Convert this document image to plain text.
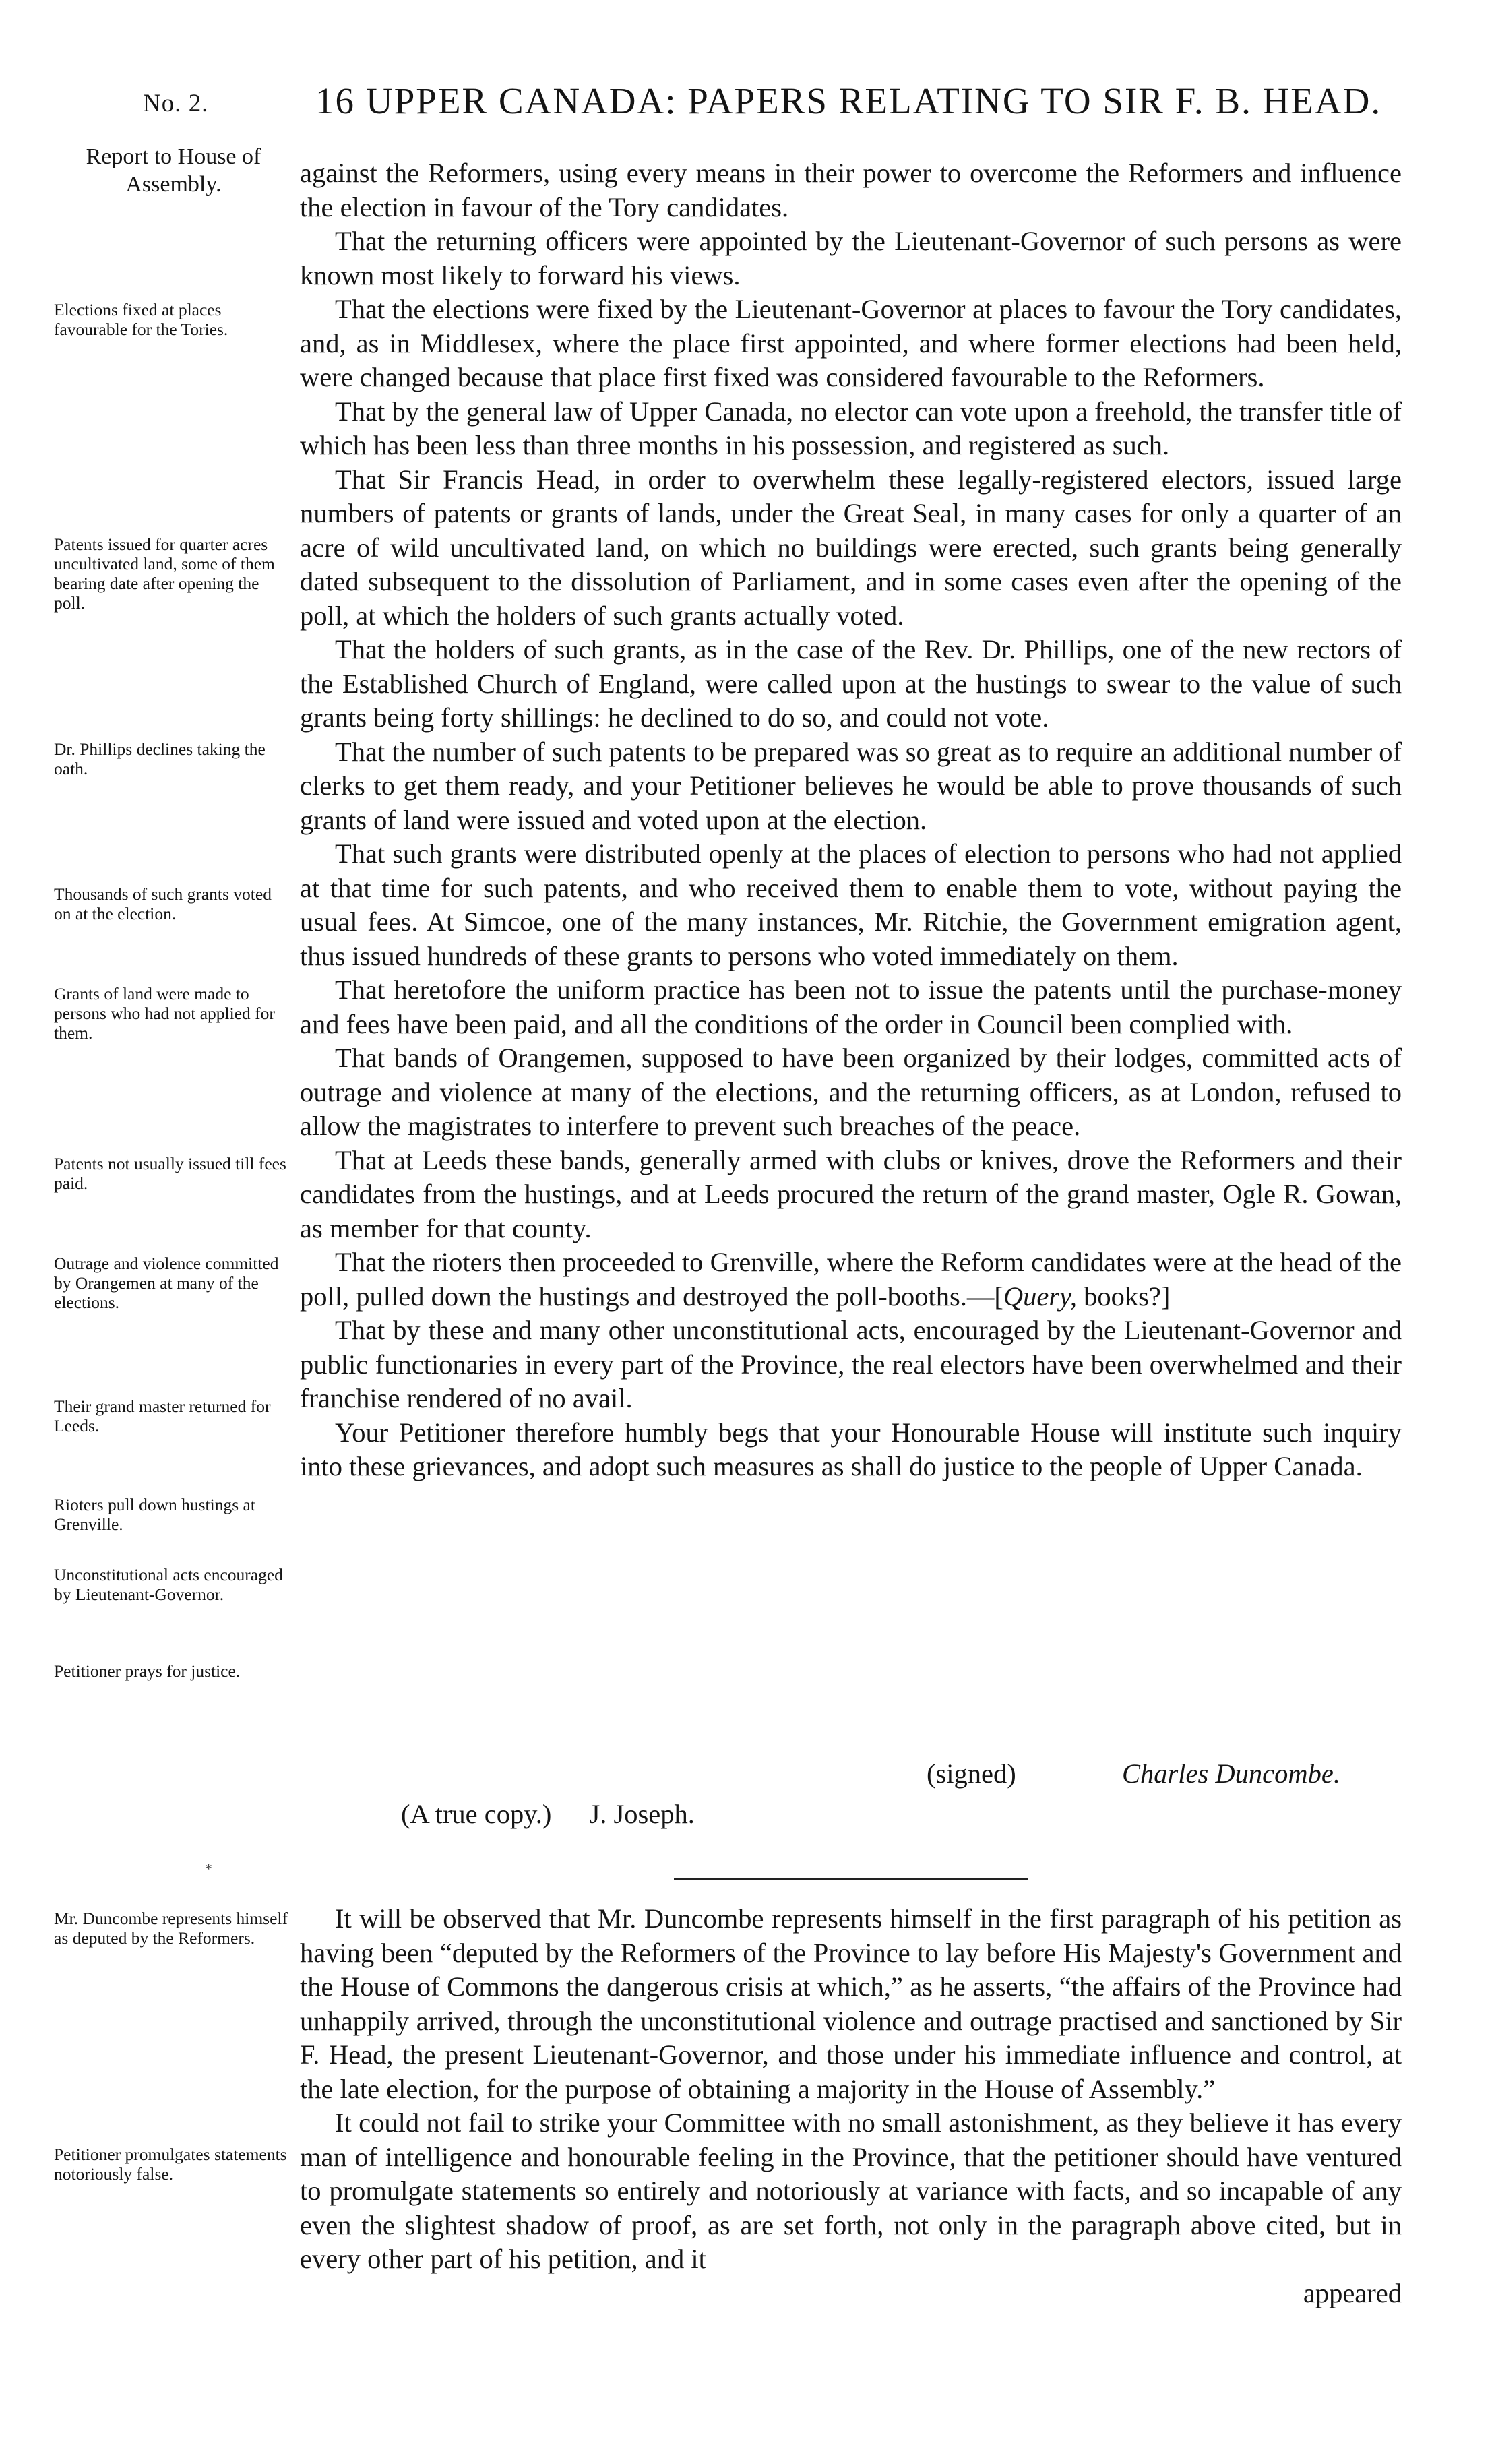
No. 2.	16 UPPER CANADA: PAPERS RELATING TO SIR F. B. HEAD.
Report to House of Assembly.
Elections fixed at places favourable for the Tories.
Patents issued for quarter acres uncultivated land, some of them bearing date after opening the poll.
Dr. Phillips declines taking the oath.
Thousands of such grants voted on at the election.
Grants of land were made to persons who had not applied for them.
Patents not usually issued till fees paid.
Outrage and violence committed by Orangemen at many of the elections.
Their grand master returned for Leeds.
Rioters pull down hustings at Grenville.
Unconstitutional acts encouraged by Lieutenant-Governor.
Petitioner prays for justice.
Mr. Duncombe represents himself as deputed by the Reformers.
Petitioner promulgates statements notoriously false.

against the Reformers, using every means in their power to overcome the Reformers and influence the election in favour of the Tory candidates.

That the returning officers were appointed by the Lieutenant-Governor of such persons as were known most likely to forward his views.

That the elections were fixed by the Lieutenant-Governor at places to favour the Tory candidates, and, as in Middlesex, where the place first appointed, and where former elections had been held, were changed because that place first fixed was considered favourable to the Reformers.

That by the general law of Upper Canada, no elector can vote upon a freehold, the transfer title of which has been less than three months in his possession, and registered as such.

That Sir Francis Head, in order to overwhelm these legally-registered electors, issued large numbers of patents or grants of lands, under the Great Seal, in many cases for only a quarter of an acre of wild uncultivated land, on which no buildings were erected, such grants being generally dated subsequent to the dissolution of Parliament, and in some cases even after the opening of the poll, at which the holders of such grants actually voted.

That the holders of such grants, as in the case of the Rev. Dr. Phillips, one of the new rectors of the Established Church of England, were called upon at the hustings to swear to the value of such grants being forty shillings: he declined to do so, and could not vote.

That the number of such patents to be prepared was so great as to require an additional number of clerks to get them ready, and your Petitioner believes he would be able to prove thousands of such grants of land were issued and voted upon at the election.

That such grants were distributed openly at the places of election to persons who had not applied at that time for such patents, and who received them to enable them to vote, without paying the usual fees. At Simcoe, one of the many instances, Mr. Ritchie, the Government emigration agent, thus issued hundreds of these grants to persons who voted immediately on them.

That heretofore the uniform practice has been not to issue the patents until the purchase-money and fees have been paid, and all the conditions of the order in Council been complied with.

That bands of Orangemen, supposed to have been organized by their lodges, committed acts of outrage and violence at many of the elections, and the returning officers, as at London, refused to allow the magistrates to interfere to prevent such breaches of the peace.

That at Leeds these bands, generally armed with clubs or knives, drove the Reformers and their candidates from the hustings, and at Leeds procured the return of the grand master, Ogle R. Gowan, as member for that county.

That the rioters then proceeded to Grenville, where the Reform candidates were at the head of the poll, pulled down the hustings and destroyed the poll-booths.—[Query, books?]

That by these and many other unconstitutional acts, encouraged by the Lieutenant-Governor and public functionaries in every part of the Province, the real electors have been overwhelmed and their franchise rendered of no avail.

Your Petitioner therefore humbly begs that your Honourable House will institute such inquiry into these grievances, and adopt such measures as shall do justice to the people of Upper Canada.

(signed)	Charles Duncombe.
(A true copy.) J. Joseph.
*

It will be observed that Mr. Duncombe represents himself in the first paragraph of his petition as having been “deputed by the Reformers of the Province to lay before His Majesty's Government and the House of Commons the dangerous crisis at which,” as he asserts, “the affairs of the Province had unhappily arrived, through the unconstitutional violence and outrage practised and sanctioned by Sir F. Head, the present Lieutenant-Governor, and those under his immediate influence and control, at the late election, for the purpose of obtaining a majority in the House of Assembly.”

It could not fail to strike your Committee with no small astonishment, as they believe it has every man of intelligence and honourable feeling in the Province, that the petitioner should have ventured to promulgate statements so entirely and notoriously at variance with facts, and so incapable of any even the slightest shadow of proof, as are set forth, not only in the paragraph above cited, but in every other part of his petition, and it

appeared
